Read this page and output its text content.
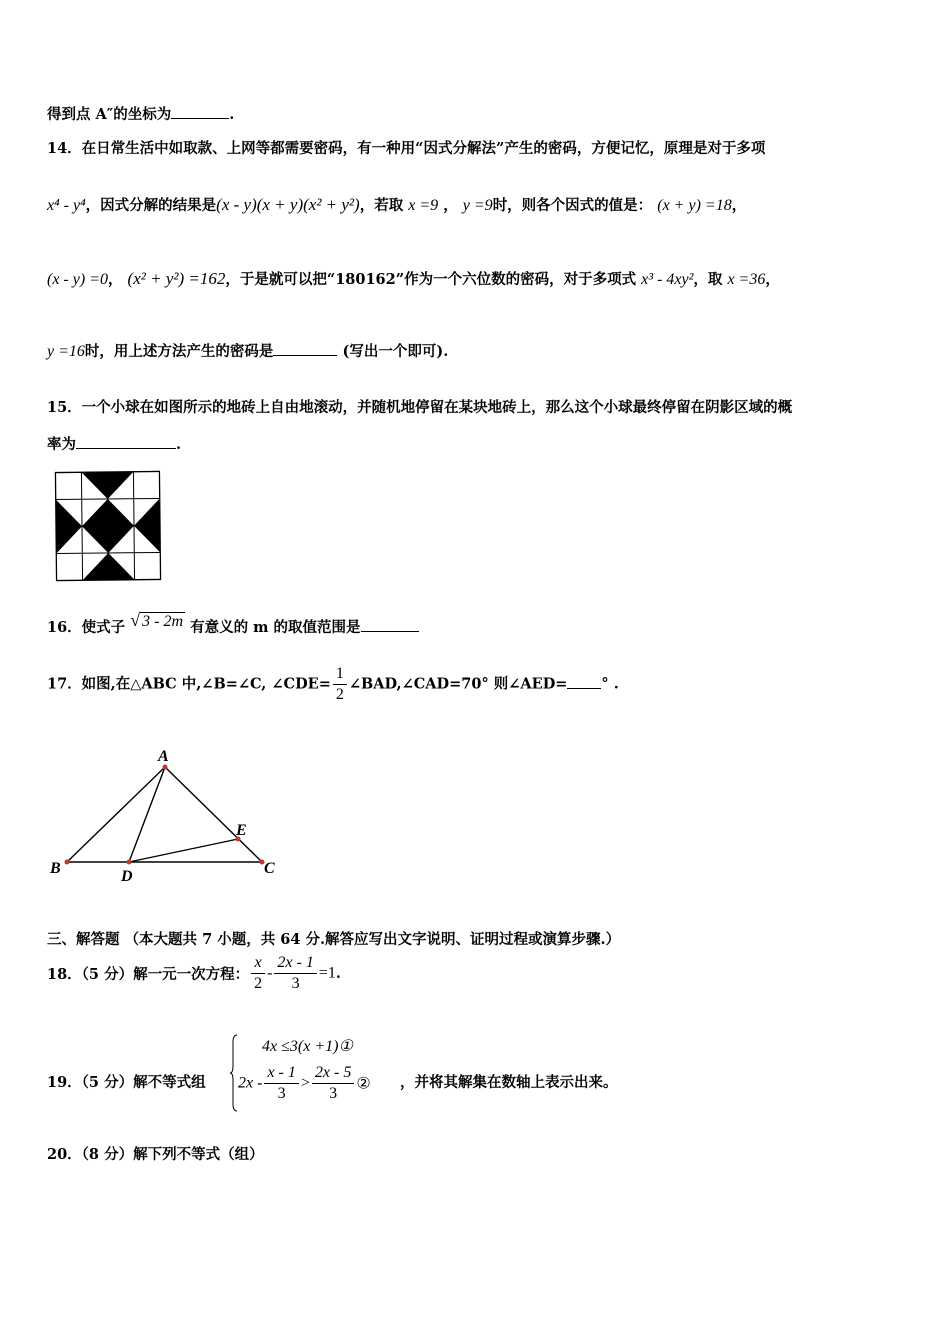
得到点 A″的坐标为	.
14．在日常生活中如取款、上网等都需要密码，有一种用“因式分解法”产生的密码，方便记忆，原理是对于多项
x⁴ - y⁴，因式分解的结果是(x - y)(x + y)(x² + y²)，若取 x =9 ， y =9时，则各个因式的值是： (x + y) =18，
(x - y) =0， (x² + y²) =162，于是就可以把“180162”作为一个六位数的密码，对于多项式 x³ - 4xy²，取 x =36，
y =16时，用上述方法产生的密码是	(写出一个即可).
15．一个小球在如图所示的地砖上自由地滚动，并随机地停留在某块地砖上，那么这个小球最终停留在阴影区域的概
率为	.
16．使式子 √ 3 - 2m 有意义的 m 的取值范围是
17．如图,在△ABC 中,∠B=∠C, ∠CDE= $\frac{1}{2}$ ∠BAD,∠CAD=70° 则∠AED= ° .
A
B	C
D
E
三、解答题 （本大题共 7 小题，共 64 分.解答应写出文字说明、证明过程或演算步骤.）
18．（5 分）解一元一次方程： $\frac{x}{2} - \frac{2x - 1}{3} =1$.
19．（5 分）解不等式组
4x ≤3(x +1)①
$2x - \frac{x - 1}{3} > \frac{2x - 5}{3}$ ② ，并将其解集在数轴上表示出来。
20．（8 分）解下列不等式（组）
